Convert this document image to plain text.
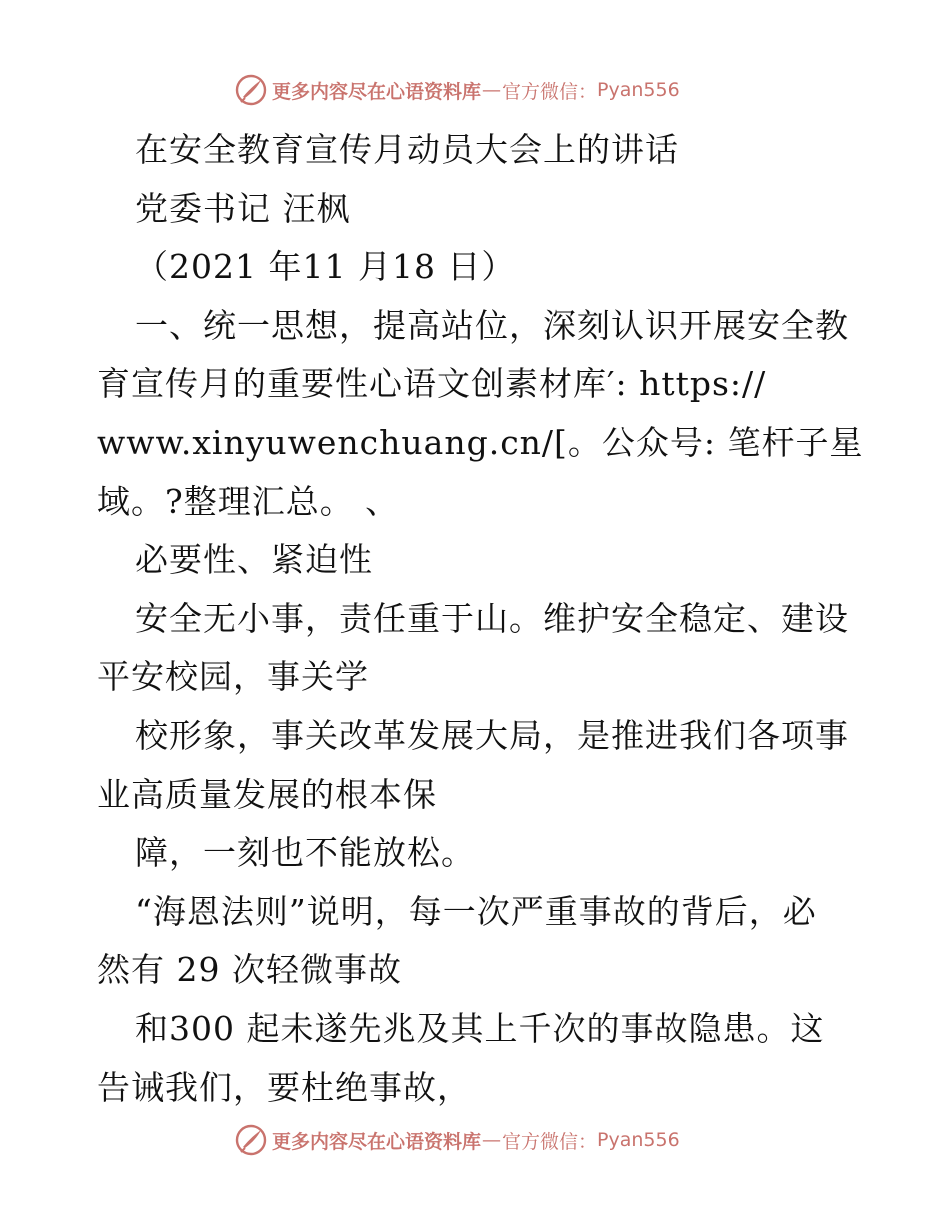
更多内容尽在心语资料库 — 官方微信： Pyan556
在安全教育宣传月动员大会上的讲话
党委书记 汪枫
（2021 年11 月18 日）
一、统一思想，提高站位，深刻认识开展安全教
育宣传月的重要性心语文创素材库′: https://
www.xinyuwenchuang.cn/[。公众号: 笔杆子星
域。?整理汇总。 、
必要性、紧迫性
安全无小事，责任重于山。维护安全稳定、建设
平安校园，事关学
校形象，事关改革发展大局，是推进我们各项事
业高质量发展的根本保
障，一刻也不能放松。
“海恩法则”说明，每一次严重事故的背后，必
然有 29 次轻微事故
和300 起未遂先兆及其上千次的事故隐患。这
告诫我们，要杜绝事故，
更多内容尽在心语资料库 — 官方微信： Pyan556
